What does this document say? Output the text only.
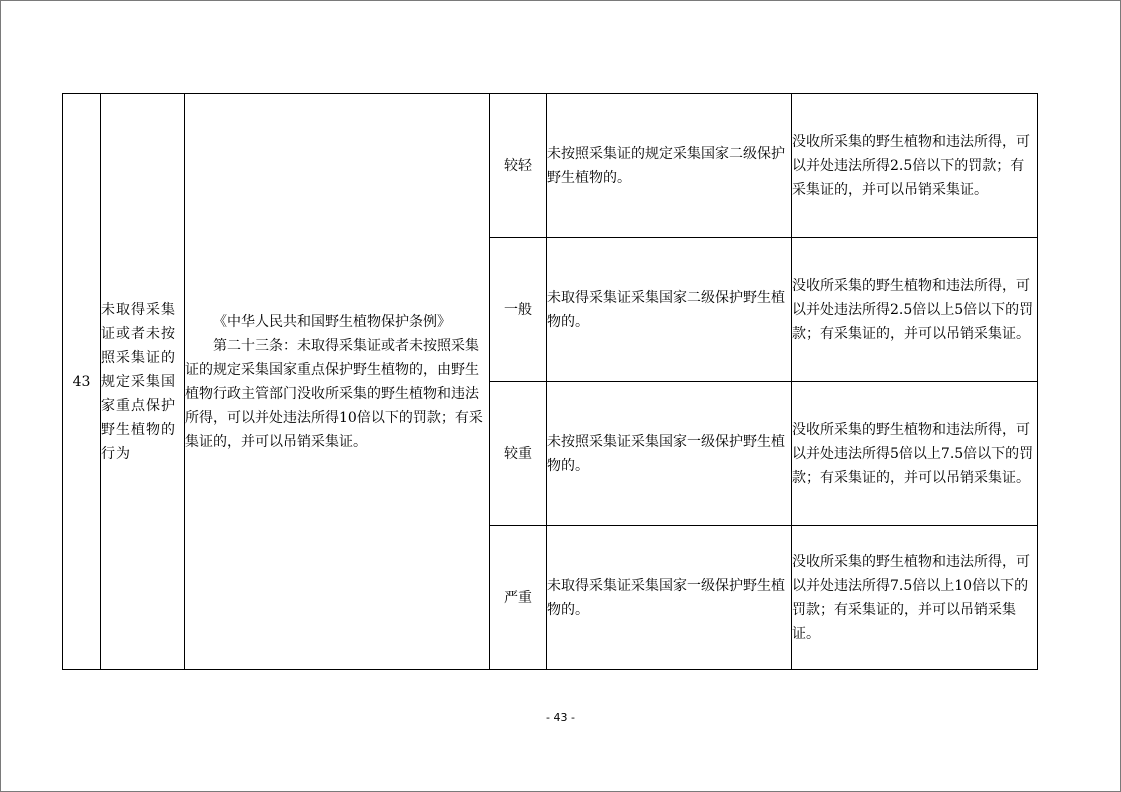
43	未取得采集证或者未按照采集证的规定采集国家重点保护野生植物的行为	《中华人民共和国野生植物保护条例》

第二十三条：未取得采集证或者未按照采集证的规定采集国家重点保护野生植物的，由野生植物行政主管部门没收所采集的野生植物和违法所得，可以并处违法所得10倍以下的罚款；有采集证的，并可以吊销采集证。	较轻	未按照采集证的规定采集国家二级保护野生植物的。	没收所采集的野生植物和违法所得，可以并处违法所得2.5倍以下的罚款；有采集证的，并可以吊销采集证。
			一般	未取得采集证采集国家二级保护野生植物的。	没收所采集的野生植物和违法所得，可以并处违法所得2.5倍以上5倍以下的罚款；有采集证的，并可以吊销采集证。
			较重	未按照采集证采集国家一级保护野生植物的。	没收所采集的野生植物和违法所得，可以并处违法所得5倍以上7.5倍以下的罚款；有采集证的，并可以吊销采集证。
			严重	未取得采集证采集国家一级保护野生植物的。	没收所采集的野生植物和违法所得，可以并处违法所得7.5倍以上10倍以下的罚款；有采集证的，并可以吊销采集证。
- 43 -
